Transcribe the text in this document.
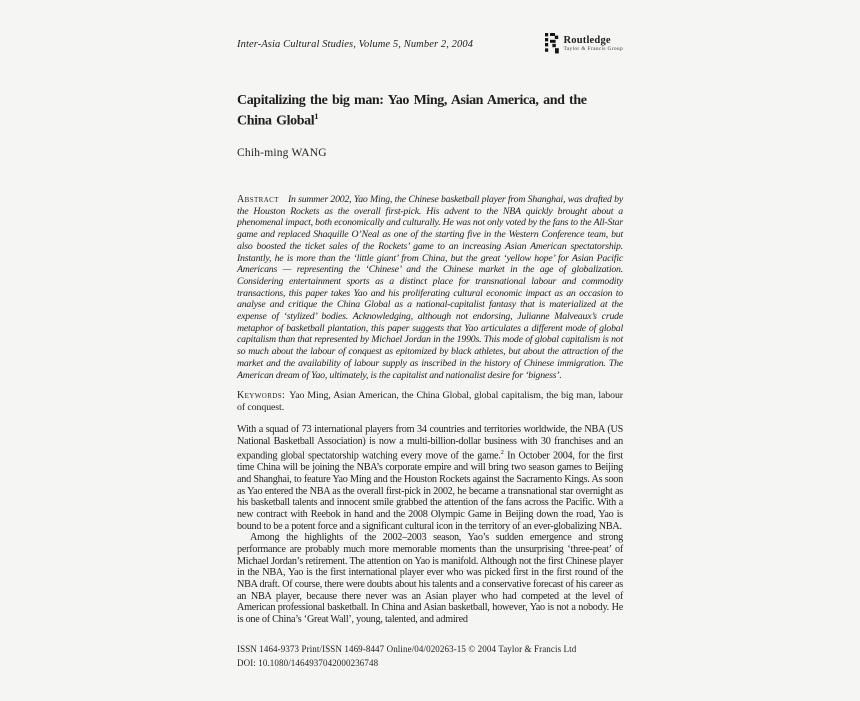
Inter-Asia Cultural Studies, Volume 5, Number 2, 2004	Routledge
Taylor & Francis Group
Capitalizing the big man: Yao Ming, Asian America, and the China Global$^1$
Chih-ming WANG

Abstract In summer 2002, Yao Ming, the Chinese basketball player from Shanghai, was drafted by the Houston Rockets as the overall first-pick. His advent to the NBA quickly brought about a phenomenal impact, both economically and culturally. He was not only voted by the fans to the All-Star game and replaced Shaquille O’Neal as one of the starting five in the Western Conference team, but also boosted the ticket sales of the Rockets’ game to an increasing Asian American spectatorship. Instantly, he is more than the ‘little giant’ from China, but the great ‘yellow hope’ for Asian Pacific Americans — representing the ‘Chinese’ and the Chinese market in the age of globalization. Considering entertainment sports as a distinct place for transnational labour and commodity transactions, this paper takes Yao and his proliferating cultural economic impact as an occasion to analyse and critique the China Global as a national-capitalist fantasy that is materialized at the expense of ‘stylized’ bodies. Acknowledging, although not endorsing, Julianne Malveaux’s crude metaphor of basketball plantation, this paper suggests that Yao articulates a different mode of global capitalism than that represented by Michael Jordan in the 1990s. This mode of global capitalism is not so much about the labour of conquest as epitomized by black athletes, but about the attraction of the market and the availability of labour supply as inscribed in the history of Chinese immigration. The American dream of Yao, ultimately, is the capitalist and nationalist desire for ‘bigness’.

Keywords: Yao Ming, Asian American, the China Global, global capitalism, the big man, labour of conquest.

With a squad of 73 international players from 34 countries and territories worldwide, the NBA (US National Basketball Association) is now a multi-billion-dollar business with 30 franchises and an expanding global spectatorship watching every move of the game.$^2$ In October 2004, for the first time China will be joining the NBA’s corporate empire and will bring two season games to Beijing and Shanghai, to feature Yao Ming and the Houston Rockets against the Sacramento Kings. As soon as Yao entered the NBA as the overall first-pick in 2002, he became a transnational star overnight as his basketball talents and innocent smile grabbed the attention of the fans across the Pacific. With a new contract with Reebok in hand and the 2008 Olympic Game in Beijing down the road, Yao is bound to be a potent force and a significant cultural icon in the territory of an ever-globalizing NBA.

Among the highlights of the 2002–2003 season, Yao’s sudden emergence and strong performance are probably much more memorable moments than the unsurprising ‘three-peat’ of Michael Jordan’s retirement. The attention on Yao is manifold. Although not the first Chinese player in the NBA, Yao is the first international player ever who was picked first in the first round of the NBA draft. Of course, there were doubts about his talents and a conservative forecast of his career as an NBA player, because there never was an Asian player who had competed at the level of American professional basketball. In China and Asian basketball, however, Yao is not a nobody. He is one of China’s ‘Great Wall’, young, talented, and admired

ISSN 1464-9373 Print/ISSN 1469-8447 Online/04/020263-15 © 2004 Taylor & Francis Ltd
DOI: 10.1080/1464937042000236748
